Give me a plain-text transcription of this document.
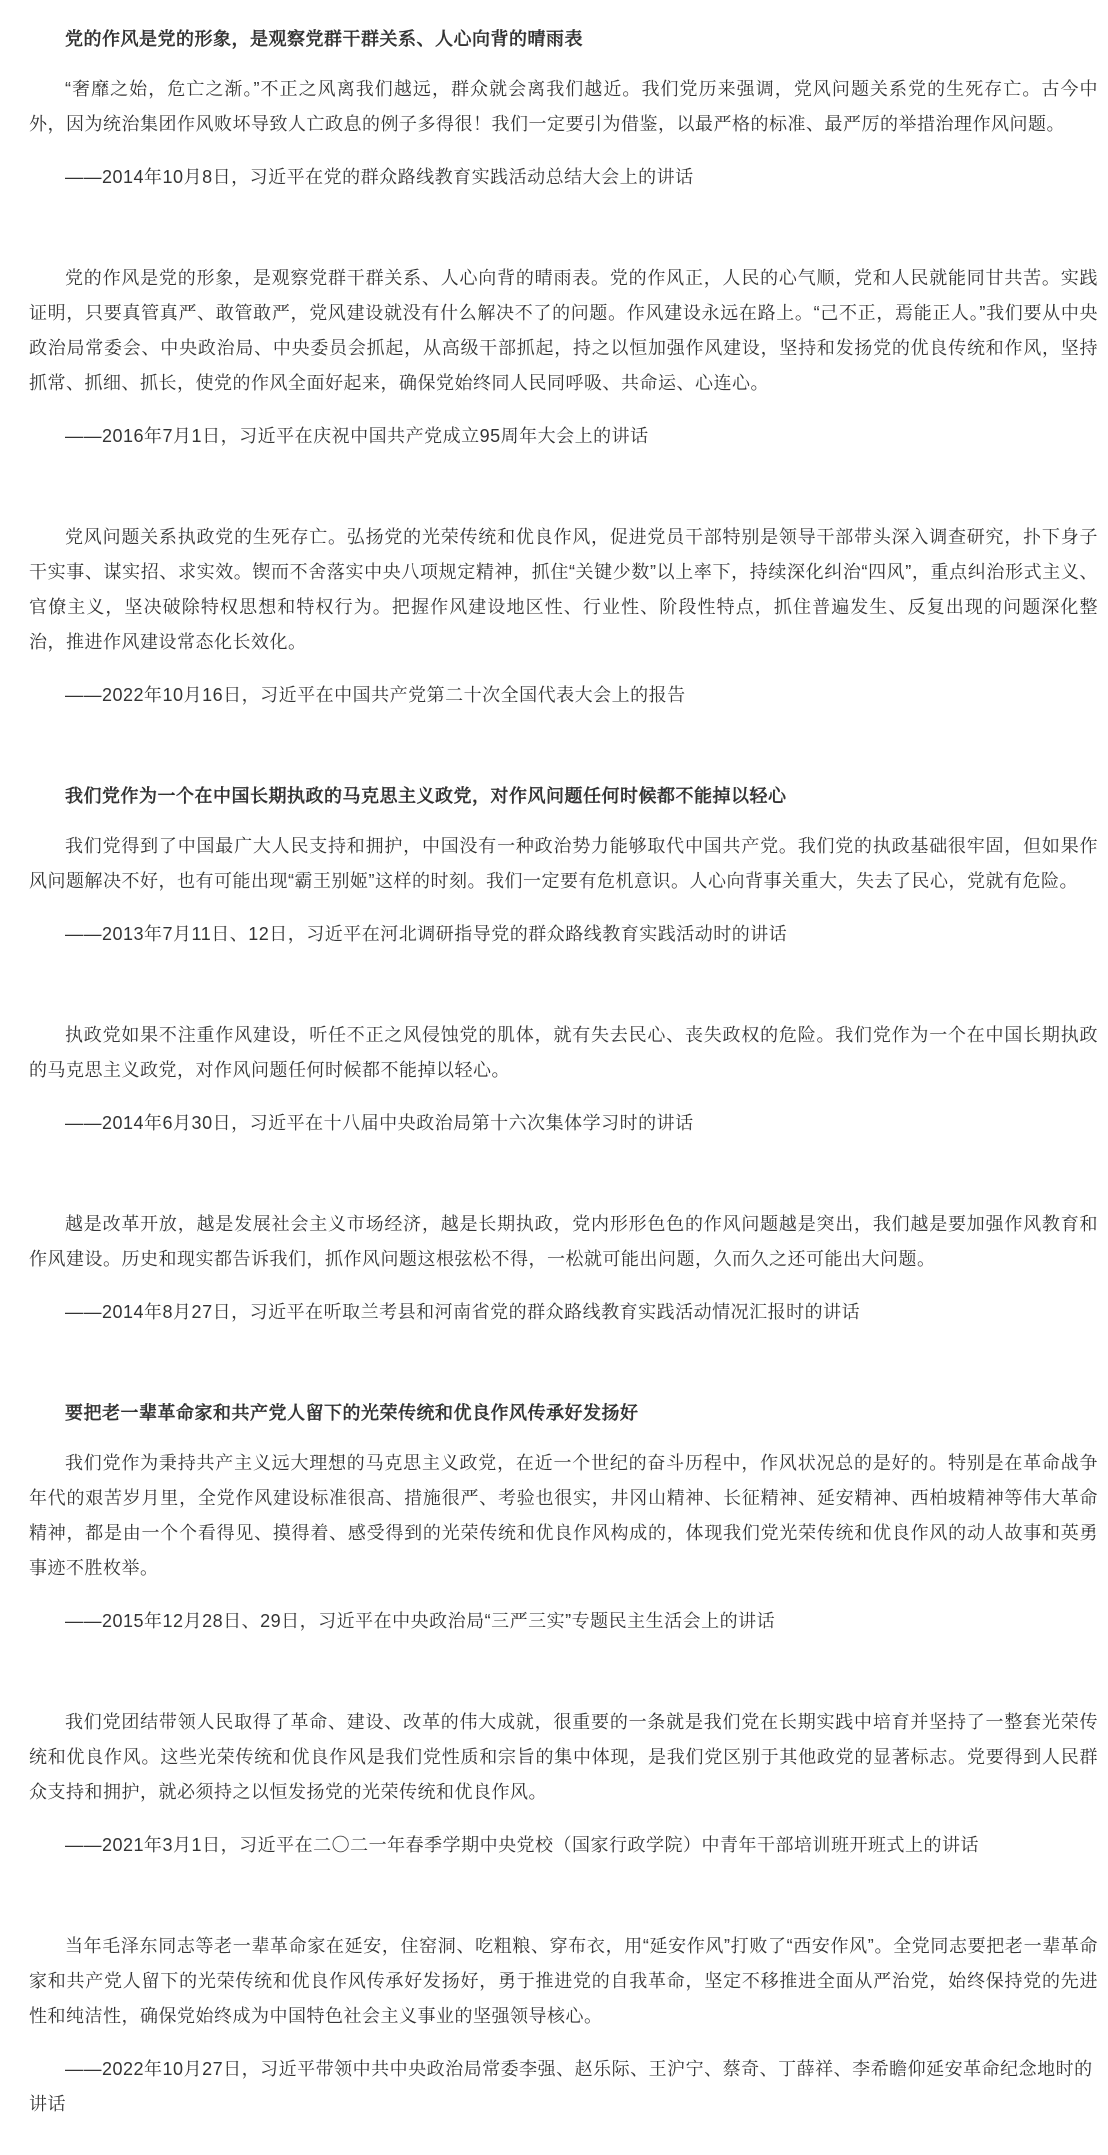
党的作风是党的形象，是观察党群干群关系、人心向背的晴雨表

“奢靡之始，危亡之渐。”不正之风离我们越远，群众就会离我们越近。我们党历来强调，党风问题关系党的生死存亡。古今中外，因为统治集团作风败坏导致人亡政息的例子多得很！我们一定要引为借鉴，以最严格的标准、最严厉的举措治理作风问题。

——2014年10月8日，习近平在党的群众路线教育实践活动总结大会上的讲话

党的作风是党的形象，是观察党群干群关系、人心向背的晴雨表。党的作风正，人民的心气顺，党和人民就能同甘共苦。实践证明，只要真管真严、敢管敢严，党风建设就没有什么解决不了的问题。作风建设永远在路上。“己不正，焉能正人。”我们要从中央政治局常委会、中央政治局、中央委员会抓起，从高级干部抓起，持之以恒加强作风建设，坚持和发扬党的优良传统和作风，坚持抓常、抓细、抓长，使党的作风全面好起来，确保党始终同人民同呼吸、共命运、心连心。

——2016年7月1日，习近平在庆祝中国共产党成立95周年大会上的讲话

党风问题关系执政党的生死存亡。弘扬党的光荣传统和优良作风，促进党员干部特别是领导干部带头深入调查研究，扑下身子干实事、谋实招、求实效。锲而不舍落实中央八项规定精神，抓住“关键少数”以上率下，持续深化纠治“四风”，重点纠治形式主义、官僚主义，坚决破除特权思想和特权行为。把握作风建设地区性、行业性、阶段性特点，抓住普遍发生、反复出现的问题深化整治，推进作风建设常态化长效化。

——2022年10月16日，习近平在中国共产党第二十次全国代表大会上的报告

我们党作为一个在中国长期执政的马克思主义政党，对作风问题任何时候都不能掉以轻心

我们党得到了中国最广大人民支持和拥护，中国没有一种政治势力能够取代中国共产党。我们党的执政基础很牢固，但如果作风问题解决不好，也有可能出现“霸王别姬”这样的时刻。我们一定要有危机意识。人心向背事关重大，失去了民心，党就有危险。

——2013年7月11日、12日，习近平在河北调研指导党的群众路线教育实践活动时的讲话

执政党如果不注重作风建设，听任不正之风侵蚀党的肌体，就有失去民心、丧失政权的危险。我们党作为一个在中国长期执政的马克思主义政党，对作风问题任何时候都不能掉以轻心。

——2014年6月30日，习近平在十八届中央政治局第十六次集体学习时的讲话

越是改革开放，越是发展社会主义市场经济，越是长期执政，党内形形色色的作风问题越是突出，我们越是要加强作风教育和作风建设。历史和现实都告诉我们，抓作风问题这根弦松不得，一松就可能出问题，久而久之还可能出大问题。

——2014年8月27日，习近平在听取兰考县和河南省党的群众路线教育实践活动情况汇报时的讲话

要把老一辈革命家和共产党人留下的光荣传统和优良作风传承好发扬好

我们党作为秉持共产主义远大理想的马克思主义政党，在近一个世纪的奋斗历程中，作风状况总的是好的。特别是在革命战争年代的艰苦岁月里，全党作风建设标准很高、措施很严、考验也很实，井冈山精神、长征精神、延安精神、西柏坡精神等伟大革命精神，都是由一个个看得见、摸得着、感受得到的光荣传统和优良作风构成的，体现我们党光荣传统和优良作风的动人故事和英勇事迹不胜枚举。

——2015年12月28日、29日，习近平在中央政治局“三严三实”专题民主生活会上的讲话

我们党团结带领人民取得了革命、建设、改革的伟大成就，很重要的一条就是我们党在长期实践中培育并坚持了一整套光荣传统和优良作风。这些光荣传统和优良作风是我们党性质和宗旨的集中体现，是我们党区别于其他政党的显著标志。党要得到人民群众支持和拥护，就必须持之以恒发扬党的光荣传统和优良作风。

——2021年3月1日，习近平在二〇二一年春季学期中央党校（国家行政学院）中青年干部培训班开班式上的讲话

当年毛泽东同志等老一辈革命家在延安，住窑洞、吃粗粮、穿布衣，用“延安作风”打败了“西安作风”。全党同志要把老一辈革命家和共产党人留下的光荣传统和优良作风传承好发扬好，勇于推进党的自我革命，坚定不移推进全面从严治党，始终保持党的先进性和纯洁性，确保党始终成为中国特色社会主义事业的坚强领导核心。

——2022年10月27日，习近平带领中共中央政治局常委李强、赵乐际、王沪宁、蔡奇、丁薛祥、李希瞻仰延安革命纪念地时的讲话
